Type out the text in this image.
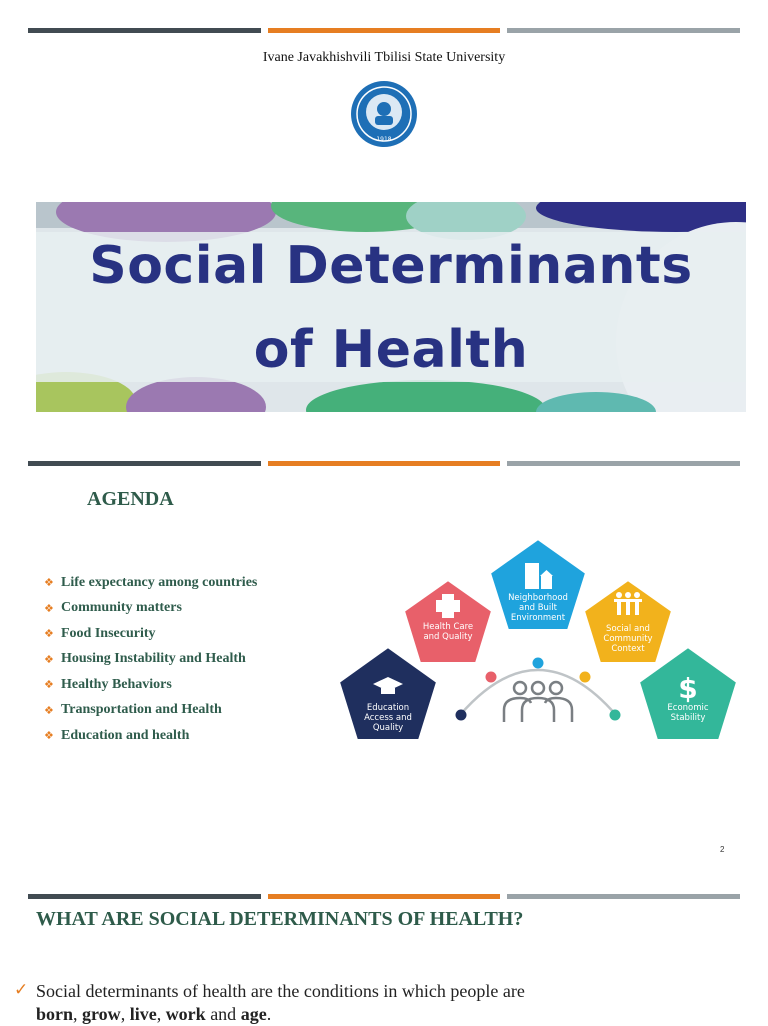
Ivane Javakhishvili Tbilisi State University
1918
Social Determinants
of Health
AGENDA
❖ Life expectancy among countries
❖ Community matters
❖ Food Insecurity
❖ Housing Instability and Health
❖ Healthy Behaviors
❖ Transportation and Health
❖ Education and health
$
Education
Access and
Quality
Health Care
and Quality
Neighborhood
and Built
Environment
Social and
Community
Context
Economic
Stability
2
WHAT ARE SOCIAL DETERMINANTS OF HEALTH?
✓ Social determinants of health are the conditions in which people are born, grow, live, work and age.
